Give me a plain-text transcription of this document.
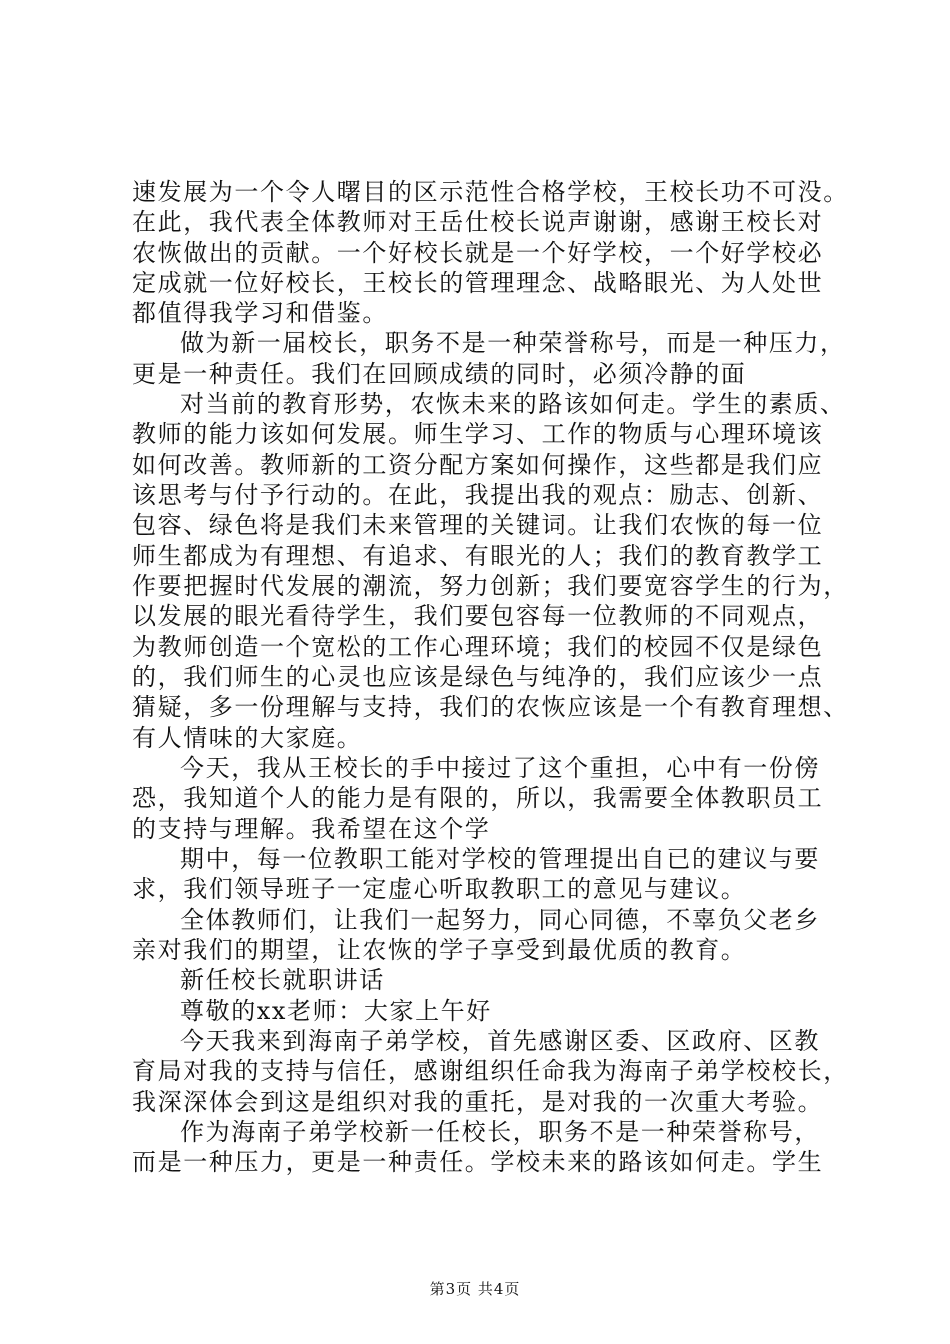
速发展为一个令人曙目的区示范性合格学校，王校长功不可没。
在此，我代表全体教师对王岳仕校长说声谢谢，感谢王校长对
农恢做出的贡献。一个好校长就是一个好学校，一个好学校必
定成就一位好校长，王校长的管理理念、战略眼光、为人处世
都值得我学习和借鉴。
做为新一届校长，职务不是一种荣誉称号，而是一种压力，
更是一种责任。我们在回顾成绩的同时，必须冷静的面
对当前的教育形势，农恢未来的路该如何走。学生的素质、
教师的能力该如何发展。师生学习、工作的物质与心理环境该
如何改善。教师新的工资分配方案如何操作，这些都是我们应
该思考与付予行动的。在此，我提出我的观点：励志、创新、
包容、绿色将是我们未来管理的关键词。让我们农恢的每一位
师生都成为有理想、有追求、有眼光的人；我们的教育教学工
作要把握时代发展的潮流，努力创新；我们要宽容学生的行为，
以发展的眼光看待学生，我们要包容每一位教师的不同观点，
为教师创造一个宽松的工作心理环境；我们的校园不仅是绿色
的，我们师生的心灵也应该是绿色与纯净的，我们应该少一点
猜疑，多一份理解与支持，我们的农恢应该是一个有教育理想、
有人情味的大家庭。
今天，我从王校长的手中接过了这个重担，心中有一份傍
恐，我知道个人的能力是有限的，所以，我需要全体教职员工
的支持与理解。我希望在这个学
期中，每一位教职工能对学校的管理提出自已的建议与要
求，我们领导班子一定虚心听取教职工的意见与建议。
全体教师们，让我们一起努力，同心同德，不辜负父老乡
亲对我们的期望，让农恢的学子享受到最优质的教育。
新任校长就职讲话
尊敬的xx老师：大家上午好
今天我来到海南子弟学校，首先感谢区委、区政府、区教
育局对我的支持与信任，感谢组织任命我为海南子弟学校校长，
我深深体会到这是组织对我的重托，是对我的一次重大考验。
作为海南子弟学校新一任校长，职务不是一种荣誉称号，
而是一种压力，更是一种责任。学校未来的路该如何走。学生
第3页 共4页
